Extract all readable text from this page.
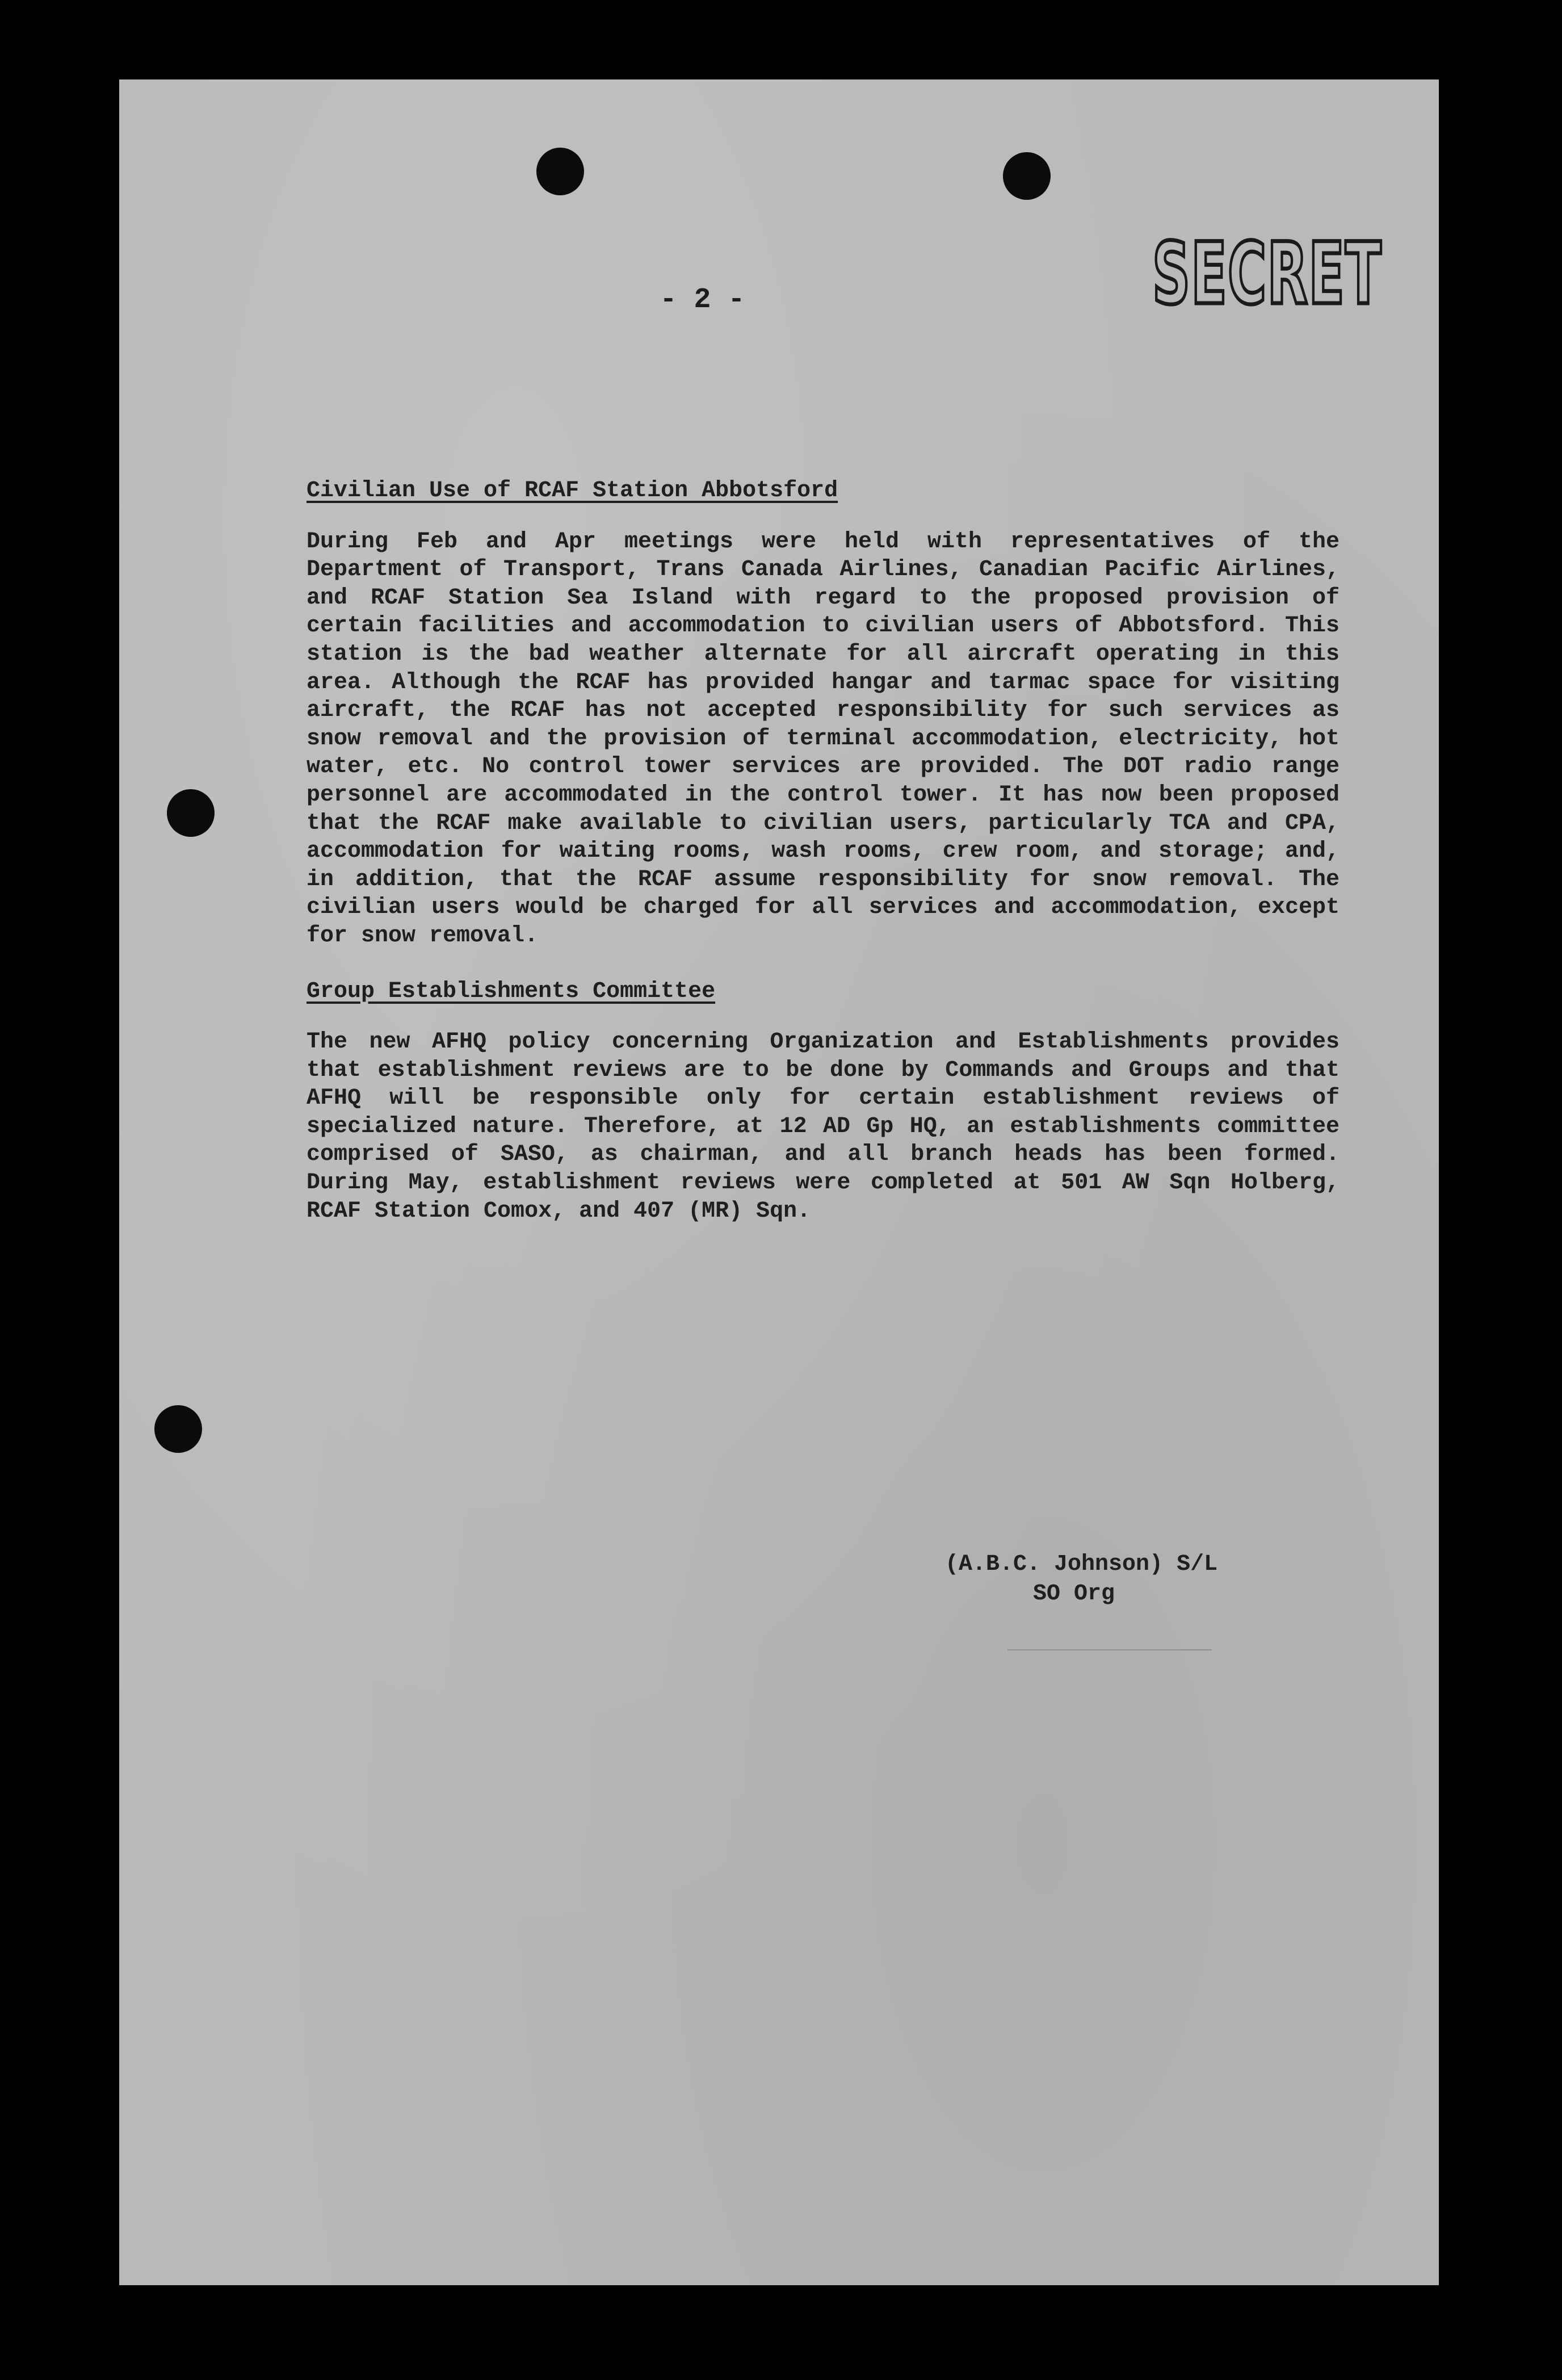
- 2 -	SECRET
Civilian Use of RCAF Station Abbotsford

During Feb and Apr meetings were held with representatives of the Department of Transport, Trans Canada Airlines, Canadian Pacific Airlines, and RCAF Station Sea Island with regard to the proposed provision of certain facilities and accommodation to civilian users of Abbotsford. This station is the bad weather alternate for all aircraft operating in this area. Although the RCAF has provided hangar and tarmac space for visiting aircraft, the RCAF has not accepted responsibility for such services as snow removal and the provision of terminal accommodation, electricity, hot water, etc. No control tower services are provided. The DOT radio range personnel are accommodated in the control tower. It has now been proposed that the RCAF make available to civilian users, particularly TCA and CPA, accommodation for waiting rooms, wash rooms, crew room, and storage; and, in addition, that the RCAF assume responsibility for snow removal. The civilian users would be charged for all services and accommodation, except for snow removal.

Group Establishments Committee

The new AFHQ policy concerning Organization and Establishments provides that establishment reviews are to be done by Commands and Groups and that AFHQ will be responsible only for certain establishment reviews of specialized nature. Therefore, at 12 AD Gp HQ, an establishments committee comprised of SASO, as chairman, and all branch heads has been formed. During May, establishment reviews were completed at 501 AW Sqn Holberg, RCAF Station Comox, and 407 (MR) Sqn.

(A.B.C. Johnson) S/L
SO Org
